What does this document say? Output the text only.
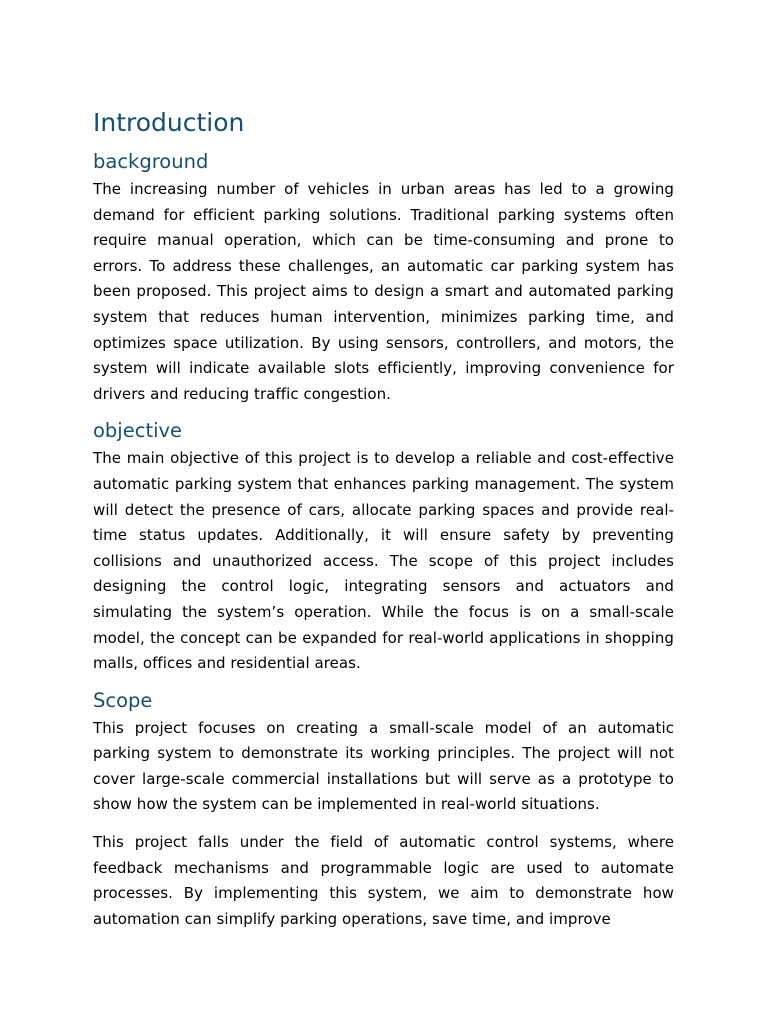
Introduction
background

The increasing number of vehicles in urban areas has led to a growing demand for efficient parking solutions. Traditional parking systems often require manual operation, which can be time-consuming and prone to errors. To address these challenges, an automatic car parking system has been proposed. This project aims to design a smart and automated parking system that reduces human intervention, minimizes parking time, and optimizes space utilization. By using sensors, controllers, and motors, the system will indicate available slots efficiently, improving convenience for drivers and reducing traffic congestion.

objective

The main objective of this project is to develop a reliable and cost-effective automatic parking system that enhances parking management. The system will detect the presence of cars, allocate parking spaces and provide real-time status updates. Additionally, it will ensure safety by preventing collisions and unauthorized access. The scope of this project includes designing the control logic, integrating sensors and actuators and simulating the system’s operation. While the focus is on a small-scale model, the concept can be expanded for real-world applications in shopping malls, offices and residential areas.

Scope

This project focuses on creating a small-scale model of an automatic parking system to demonstrate its working principles. The project will not cover large-scale commercial installations but will serve as a prototype to show how the system can be implemented in real-world situations.

This project falls under the field of automatic control systems, where feedback mechanisms and programmable logic are used to automate processes. By implementing this system, we aim to demonstrate how automation can simplify parking operations, save time, and improve
